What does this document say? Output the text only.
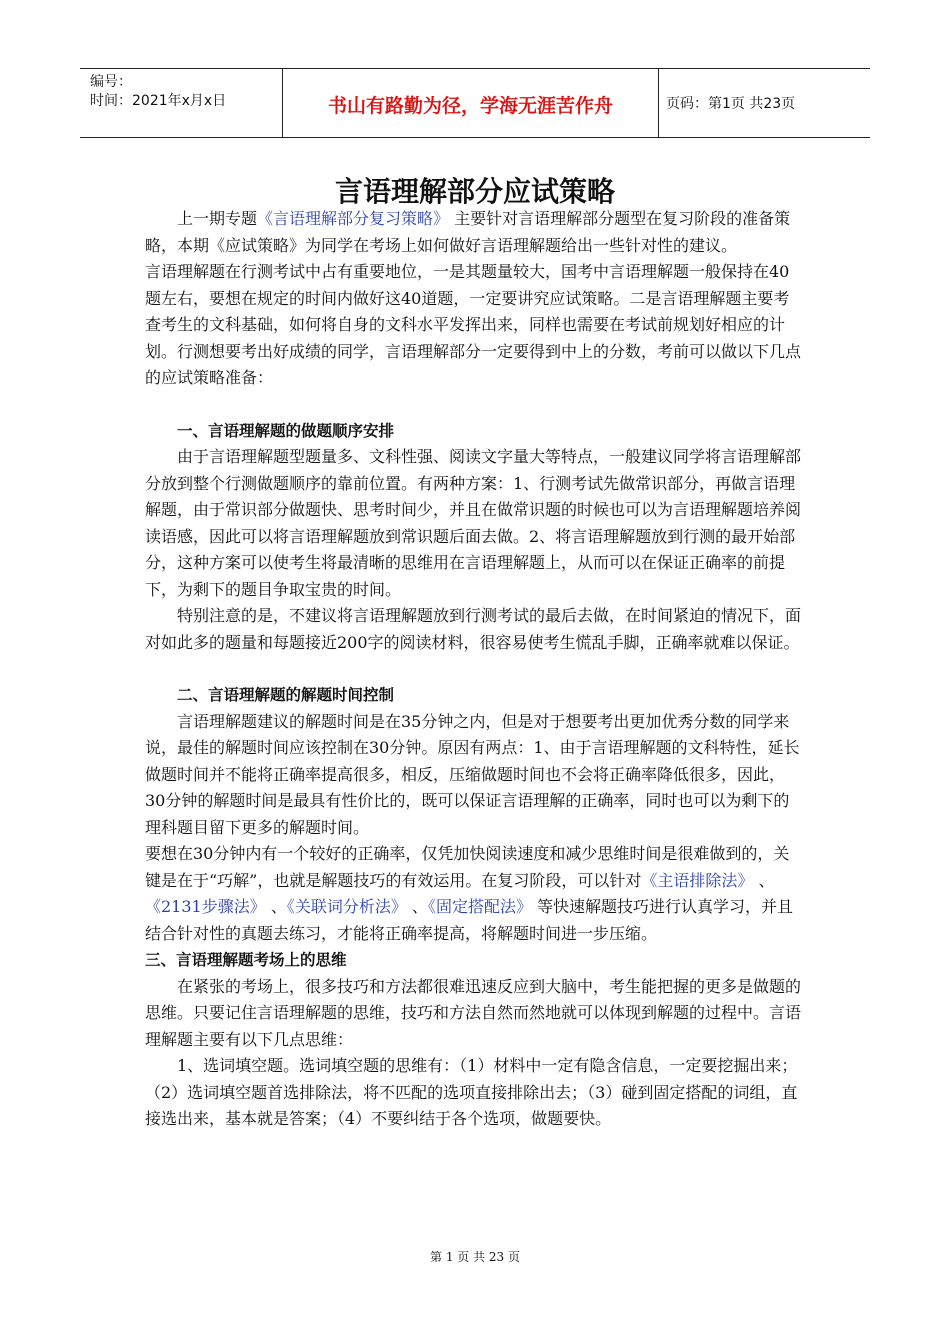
编号：
时间：2021年x月x日	书山有路勤为径，学海无涯苦作舟	页码：第1页 共23页
言语理解部分应试策略

上一期专题《言语理解部分复习策略》 主要针对言语理解部分题型在复习阶段的准备策略，本期《应试策略》为同学在考场上如何做好言语理解题给出一些针对性的建议。

言语理解题在行测考试中占有重要地位，一是其题量较大，国考中言语理解题一般保持在40题左右，要想在规定的时间内做好这40道题，一定要讲究应试策略。二是言语理解题主要考查考生的文科基础，如何将自身的文科水平发挥出来，同样也需要在考试前规划好相应的计划。行测想要考出好成绩的同学，言语理解部分一定要得到中上的分数，考前可以做以下几点的应试策略准备：

一、言语理解题的做题顺序安排

由于言语理解题型题量多、文科性强、阅读文字量大等特点，一般建议同学将言语理解部分放到整个行测做题顺序的靠前位置。有两种方案：1、行测考试先做常识部分，再做言语理解题，由于常识部分做题快、思考时间少，并且在做常识题的时候也可以为言语理解题培养阅读语感，因此可以将言语理解题放到常识题后面去做。2、将言语理解题放到行测的最开始部分，这种方案可以使考生将最清晰的思维用在言语理解题上，从而可以在保证正确率的前提下，为剩下的题目争取宝贵的时间。

特别注意的是，不建议将言语理解题放到行测考试的最后去做，在时间紧迫的情况下，面对如此多的题量和每题接近200字的阅读材料，很容易使考生慌乱手脚，正确率就难以保证。

二、言语理解题的解题时间控制

言语理解题建议的解题时间是在35分钟之内，但是对于想要考出更加优秀分数的同学来说，最佳的解题时间应该控制在30分钟。原因有两点：1、由于言语理解题的文科特性，延长做题时间并不能将正确率提高很多，相反，压缩做题时间也不会将正确率降低很多，因此，30分钟的解题时间是最具有性价比的，既可以保证言语理解的正确率，同时也可以为剩下的理科题目留下更多的解题时间。

要想在30分钟内有一个较好的正确率，仅凭加快阅读速度和减少思维时间是很难做到的，关键是在于“巧解”，也就是解题技巧的有效运用。在复习阶段，可以针对《主语排除法》 、《2131步骤法》 、《关联词分析法》 、《固定搭配法》 等快速解题技巧进行认真学习，并且结合针对性的真题去练习，才能将正确率提高，将解题时间进一步压缩。

三、言语理解题考场上的思维

在紧张的考场上，很多技巧和方法都很难迅速反应到大脑中，考生能把握的更多是做题的思维。只要记住言语理解题的思维，技巧和方法自然而然地就可以体现到解题的过程中。言语理解题主要有以下几点思维：

1、选词填空题。选词填空题的思维有：（1）材料中一定有隐含信息，一定要挖掘出来；（2）选词填空题首选排除法，将不匹配的选项直接排除出去；（3）碰到固定搭配的词组，直接选出来，基本就是答案；（4）不要纠结于各个选项，做题要快。

第 1 页 共 23 页
